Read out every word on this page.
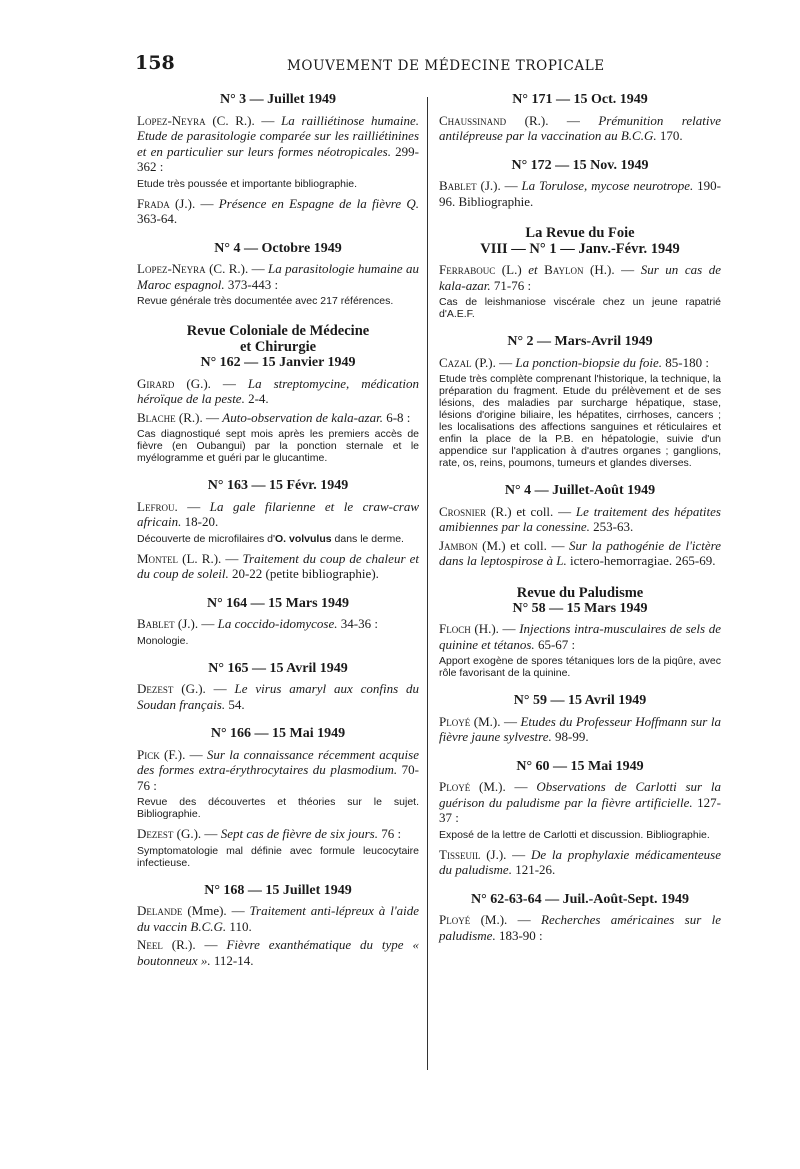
158	MOUVEMENT DE MÉDECINE TROPICALE
N° 3 — Juillet 1949

Lopez-Neyra (C. R.). — La railliétinose humaine. Etude de parasitologie comparée sur les railliétinines et en particulier sur leurs formes néotropicales. 299-362 :

Etude très poussée et importante bibliographie.

Frada (J.). — Présence en Espagne de la fièvre Q. 363-64.

N° 4 — Octobre 1949

Lopez-Neyra (C. R.). — La parasitologie humaine au Maroc espagnol. 373-443 :

Revue générale très documentée avec 217 références.

Revue Coloniale de Médecine

et Chirurgie

N° 162 — 15 Janvier 1949

Girard (G.). — La streptomycine, médication héroïque de la peste. 2-4.

Blache (R.). — Auto-observation de kala-azar. 6-8 :

Cas diagnostiqué sept mois après les premiers accès de fièvre (en Oubangui) par la ponction sternale et le myélogramme et guéri par le glucantime.

N° 163 — 15 Févr. 1949

Lefrou. — La gale filarienne et le craw-craw africain. 18-20.

Découverte de microfilaires d'O. volvulus dans le derme.

Montel (L. R.). — Traitement du coup de chaleur et du coup de soleil. 20-22 (petite bibliographie).

N° 164 — 15 Mars 1949

Bablet (J.). — La coccido-idomycose. 34-36 :

Monologie.

N° 165 — 15 Avril 1949

Dezest (G.). — Le virus amaryl aux confins du Soudan français. 54.

N° 166 — 15 Mai 1949

Pick (F.). — Sur la connaissance récemment acquise des formes extra-érythrocytaires du plasmodium. 70-76 :

Revue des découvertes et théories sur le sujet. Bibliographie.

Dezest (G.). — Sept cas de fièvre de six jours. 76 :

Symptomatologie mal définie avec formule leucocytaire infectieuse.

N° 168 — 15 Juillet 1949

Delande (Mme). — Traitement anti-lépreux à l'aide du vaccin B.C.G. 110.

Neel (R.). — Fièvre exanthématique du type « boutonneux ». 112-14.

N° 171 — 15 Oct. 1949

Chaussinand (R.). — Prémunition relative antilépreuse par la vaccination au B.C.G. 170.

N° 172 — 15 Nov. 1949

Bablet (J.). — La Torulose, mycose neurotrope. 190-96. Bibliographie.

La Revue du Foie

VIII — N° 1 — Janv.-Févr. 1949

Ferrabouc (L.) et Baylon (H.). — Sur un cas de kala-azar. 71-76 :

Cas de leishmaniose viscérale chez un jeune rapatrié d'A.E.F.

N° 2 — Mars-Avril 1949

Cazal (P.). — La ponction-biopsie du foie. 85-180 :

Etude très complète comprenant l'historique, la technique, la préparation du fragment. Etude du prélèvement et de ses lésions, des maladies par surcharge hépatique, stase, lésions d'origine biliaire, les hépatites, cirrhoses, cancers ; les localisations des affections sanguines et réticulaires et enfin la place de la P.B. en hépatologie, suivie d'un appendice sur l'application à d'autres organes ; ganglions, rate, os, reins, poumons, tumeurs et glandes diverses.

N° 4 — Juillet-Août 1949

Crosnier (R.) et coll. — Le traitement des hépatites amibiennes par la conessine. 253-63.

Jambon (M.) et coll. — Sur la pathogénie de l'ictère dans la leptospirose à L. ictero-hemorragiae. 265-69.

Revue du Paludisme

N° 58 — 15 Mars 1949

Floch (H.). — Injections intra-musculaires de sels de quinine et tétanos. 65-67 :

Apport exogène de spores tétaniques lors de la piqûre, avec rôle favorisant de la quinine.

N° 59 — 15 Avril 1949

Ployé (M.). — Etudes du Professeur Hoffmann sur la fièvre jaune sylvestre. 98-99.

N° 60 — 15 Mai 1949

Ployé (M.). — Observations de Carlotti sur la guérison du paludisme par la fièvre artificielle. 127-37 :

Exposé de la lettre de Carlotti et discussion. Bibliographie.

Tisseuil (J.). — De la prophylaxie médicamenteuse du paludisme. 121-26.

N° 62-63-64 — Juil.-Août-Sept. 1949

Ployé (M.). — Recherches américaines sur le paludisme. 183-90 :
